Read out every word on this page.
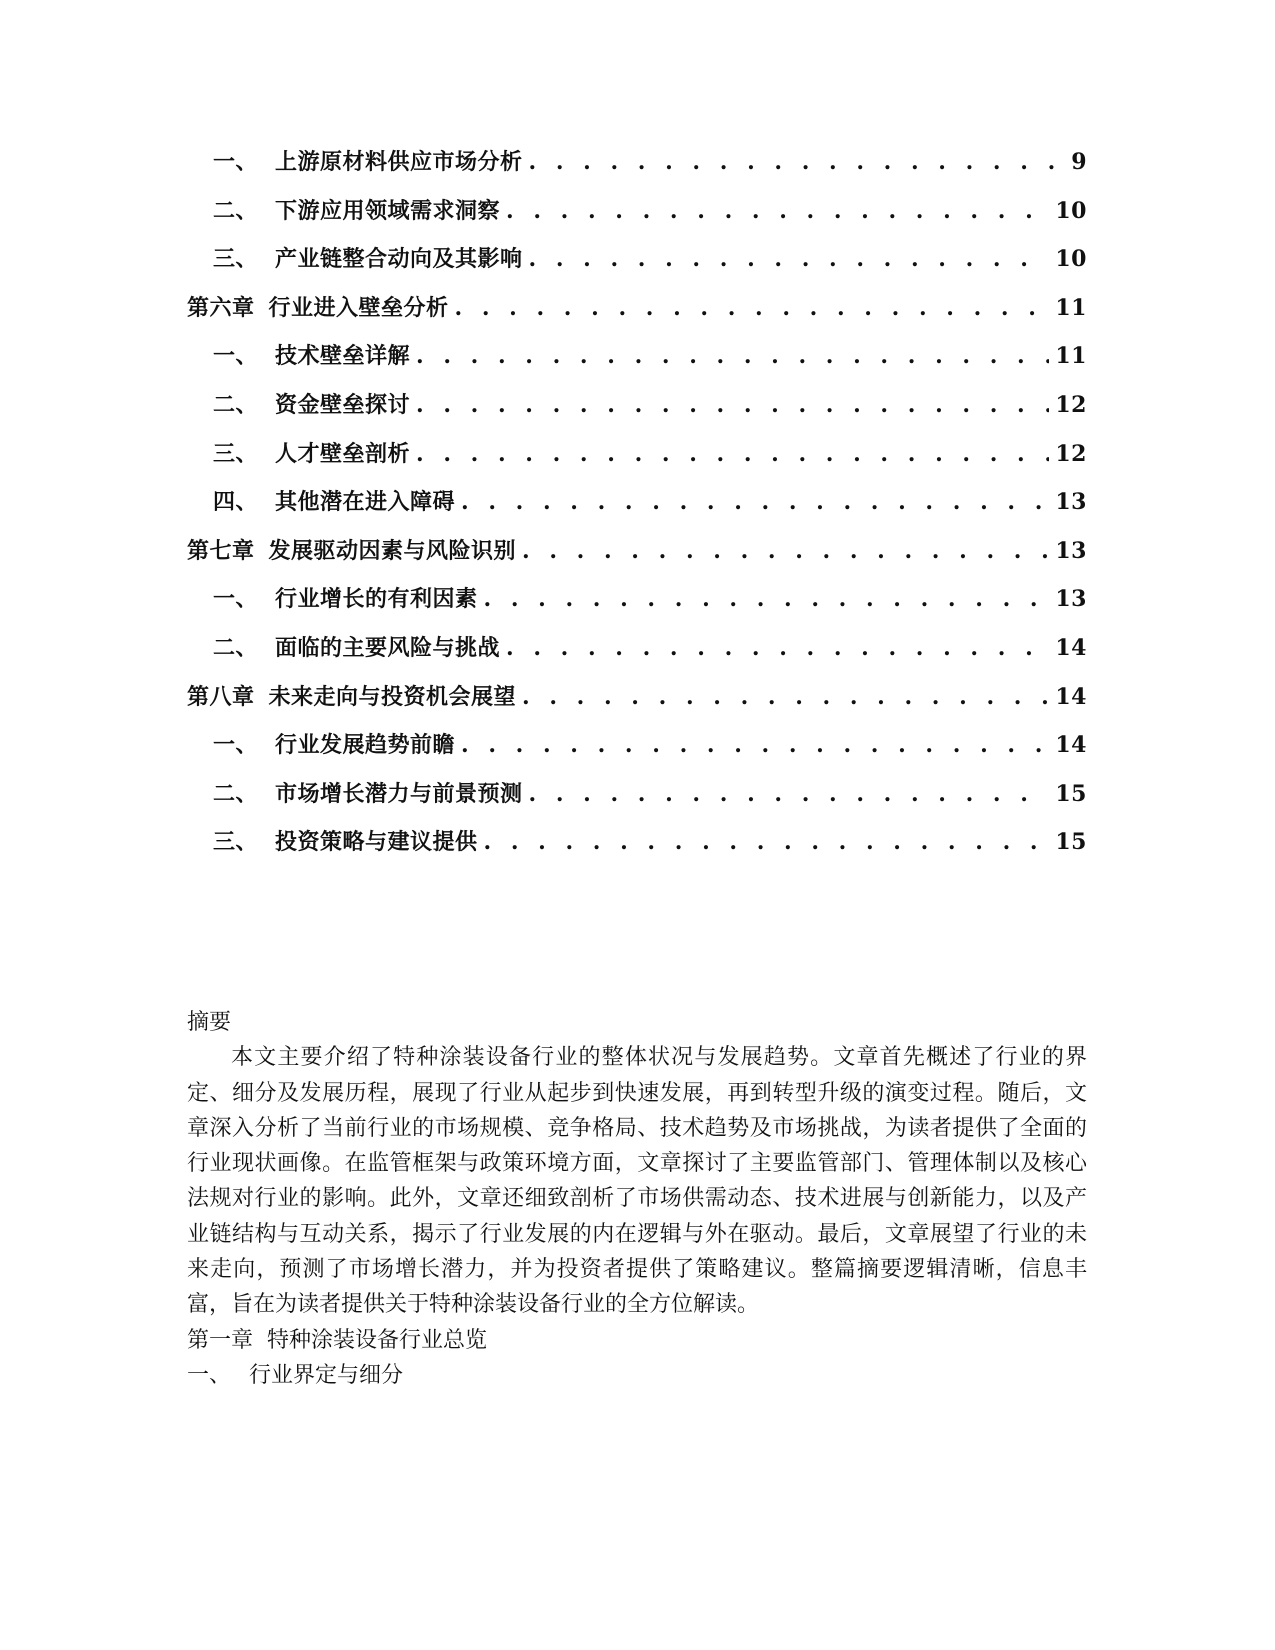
一、 上游原材料供应市场分析 . . .	9
二、 下游应用领域需求洞察 . . .	10
三、 产业链整合动向及其影响 . . .	10
第六章 行业进入壁垒分析 . . .	11
一、 技术壁垒详解 . . .	11
二、 资金壁垒探讨 . . .	12
三、 人才壁垒剖析 . . .	12
四、 其他潜在进入障碍 . . .	13
第七章 发展驱动因素与风险识别 . . .	13
一、 行业增长的有利因素 . . .	13
二、 面临的主要风险与挑战 . . .	14
第八章 未来走向与投资机会展望 . . .	14
一、 行业发展趋势前瞻 . . .	14
二、 市场增长潜力与前景预测 . . .	15
三、 投资策略与建议提供 . . .	15

摘要

本文主要介绍了特种涂装设备行业的整体状况与发展趋势。文章首先概述了行业的界定、细分及发展历程，展现了行业从起步到快速发展，再到转型升级的演变过程。随后，文章深入分析了当前行业的市场规模、竞争格局、技术趋势及市场挑战，为读者提供了全面的行业现状画像。在监管框架与政策环境方面，文章探讨了主要监管部门、管理体制以及核心法规对行业的影响。此外，文章还细致剖析了市场供需动态、技术进展与创新能力，以及产业链结构与互动关系，揭示了行业发展的内在逻辑与外在驱动。最后，文章展望了行业的未来走向，预测了市场增长潜力，并为投资者提供了策略建议。整篇摘要逻辑清晰，信息丰富，旨在为读者提供关于特种涂装设备行业的全方位解读。

第一章 特种涂装设备行业总览

一、 行业界定与细分
